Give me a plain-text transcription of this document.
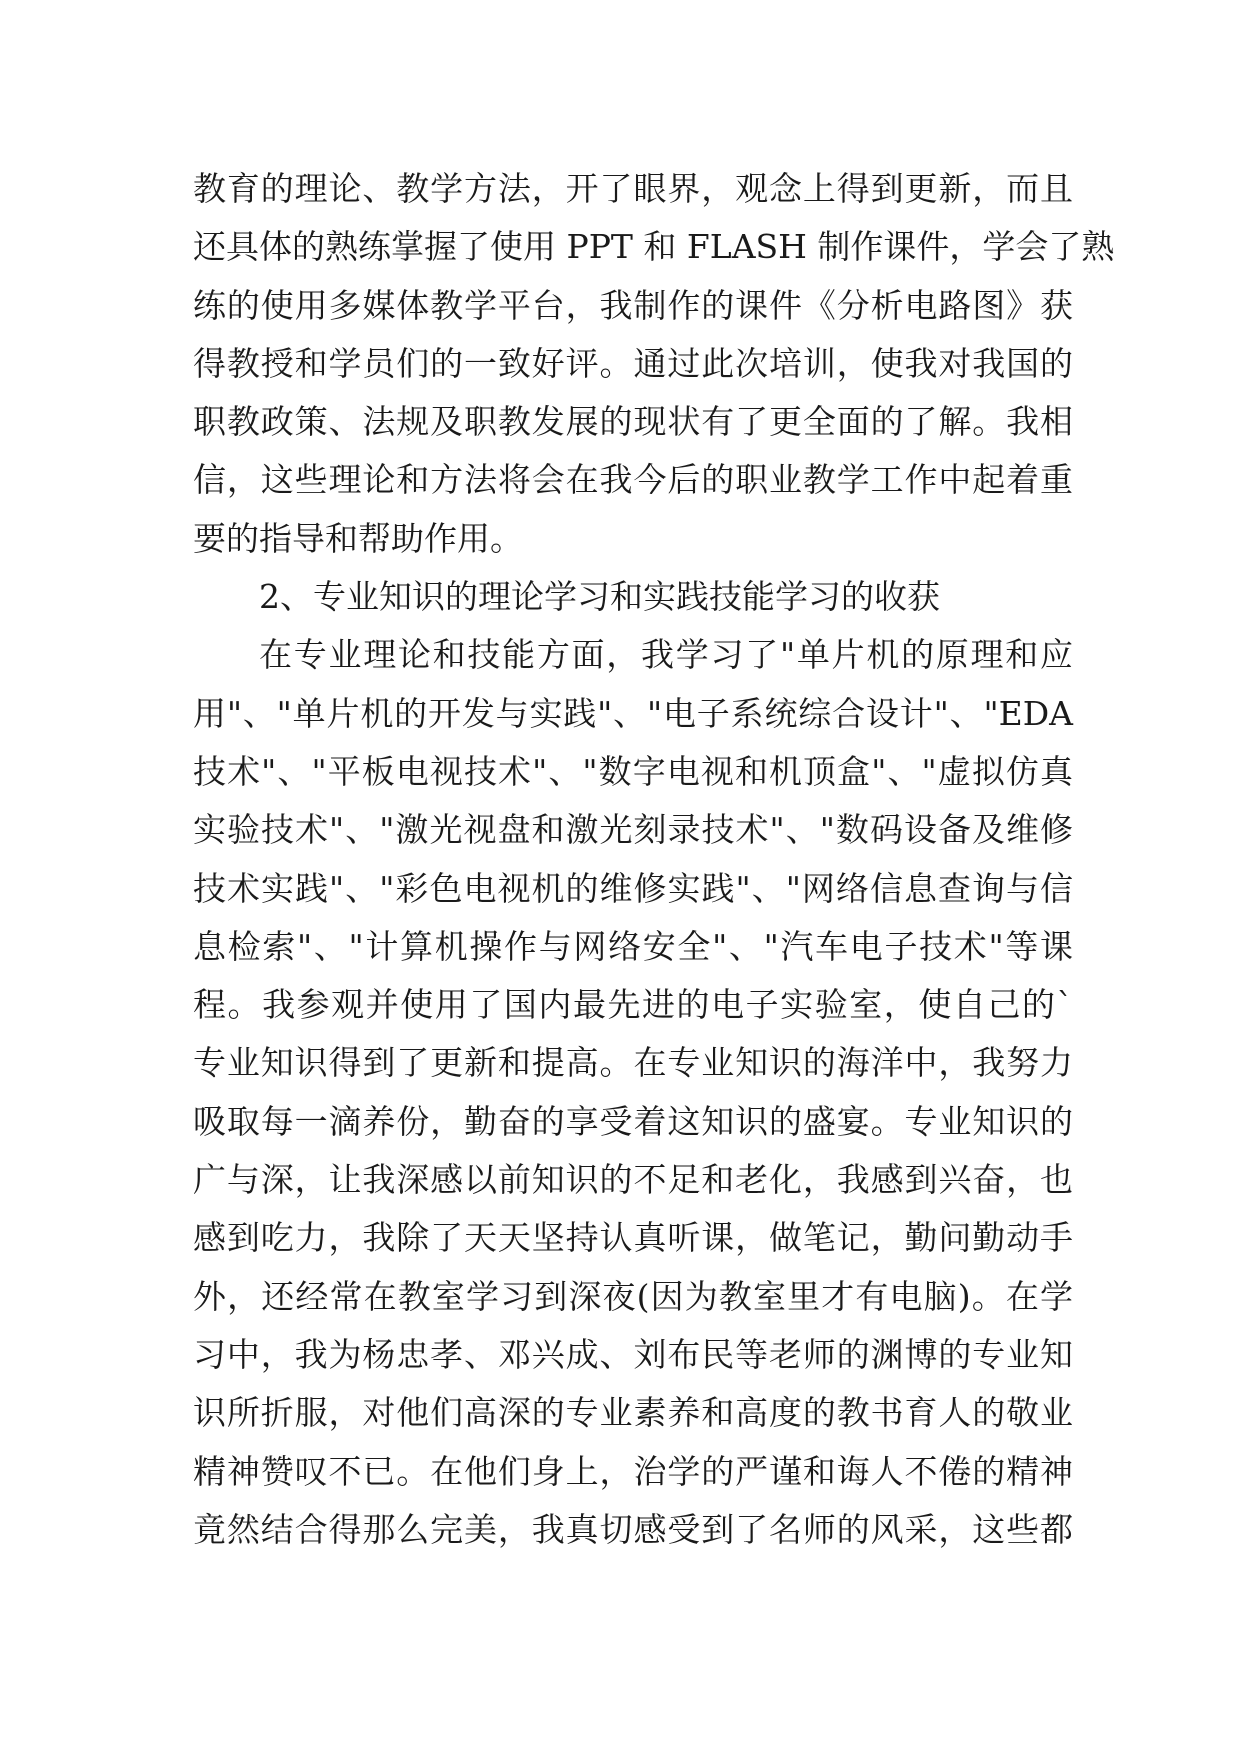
教育的理论、教学方法，开了眼界，观念上得到更新，而且
还具体的熟练掌握了使用 PPT 和 FLASH 制作课件，学会了熟
练的使用多媒体教学平台，我制作的课件《分析电路图》获
得教授和学员们的一致好评。通过此次培训，使我对我国的
职教政策、法规及职教发展的现状有了更全面的了解。我相
信，这些理论和方法将会在我今后的职业教学工作中起着重
要的指导和帮助作用。
2、专业知识的理论学习和实践技能学习的收获
在专业理论和技能方面，我学习了"单片机的原理和应
用"、"单片机的开发与实践"、"电子系统综合设计"、"EDA
技术"、"平板电视技术"、"数字电视和机顶盒"、"虚拟仿真
实验技术"、"激光视盘和激光刻录技术"、"数码设备及维修
技术实践"、"彩色电视机的维修实践"、"网络信息查询与信
息检索"、"计算机操作与网络安全"、"汽车电子技术"等课
程。我参观并使用了国内最先进的电子实验室，使自己的`
专业知识得到了更新和提高。在专业知识的海洋中，我努力
吸取每一滴养份，勤奋的享受着这知识的盛宴。专业知识的
广与深，让我深感以前知识的不足和老化，我感到兴奋，也
感到吃力，我除了天天坚持认真听课，做笔记，勤问勤动手
外，还经常在教室学习到深夜(因为教室里才有电脑)。在学
习中，我为杨忠孝、邓兴成、刘布民等老师的渊博的专业知
识所折服，对他们高深的专业素养和高度的教书育人的敬业
精神赞叹不已。在他们身上，治学的严谨和诲人不倦的精神
竟然结合得那么完美，我真切感受到了名师的风采，这些都
